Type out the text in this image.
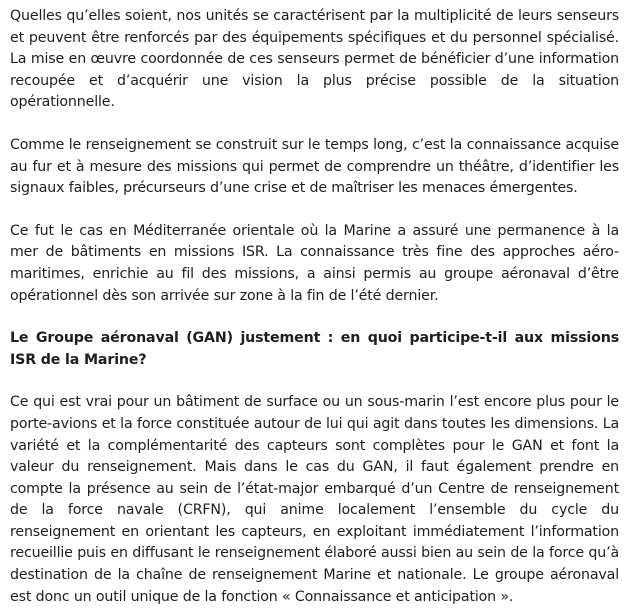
Quelles qu’elles soient, nos unités se caractérisent par la multiplicité de leurs senseurs et peuvent être renforcés par des équipements spécifiques et du personnel spécialisé. La mise en œuvre coordonnée de ces senseurs permet de bénéficier d’une information recoupée et d’acquérir une vision la plus précise possible de la situation opérationnelle.

Comme le renseignement se construit sur le temps long, c’est la connaissance acquise au fur et à mesure des missions qui permet de comprendre un théâtre, d’identifier les signaux faibles, précurseurs d’une crise et de maîtriser les menaces émergentes.

Ce fut le cas en Méditerranée orientale où la Marine a assuré une permanence à la mer de bâtiments en missions ISR. La connaissance très fine des approches aéro-maritimes, enrichie au fil des missions, a ainsi permis au groupe aéronaval d’être opérationnel dès son arrivée sur zone à la fin de l’été dernier.

Le Groupe aéronaval (GAN) justement : en quoi participe-t-il aux missions ISR de la Marine?

Ce qui est vrai pour un bâtiment de surface ou un sous-marin l’est encore plus pour le porte-avions et la force constituée autour de lui qui agit dans toutes les dimensions. La variété et la complémentarité des capteurs sont complètes pour le GAN et font la valeur du renseignement. Mais dans le cas du GAN, il faut également prendre en compte la présence au sein de l’état-major embarqué d’un Centre de renseignement de la force navale (CRFN), qui anime localement l’ensemble du cycle du renseignement en orientant les capteurs, en exploitant immédiatement l’information recueillie puis en diffusant le renseignement élaboré aussi bien au sein de la force qu’à destination de la chaîne de renseignement Marine et nationale. Le groupe aéronaval est donc un outil unique de la fonction « Connaissance et anticipation ».
